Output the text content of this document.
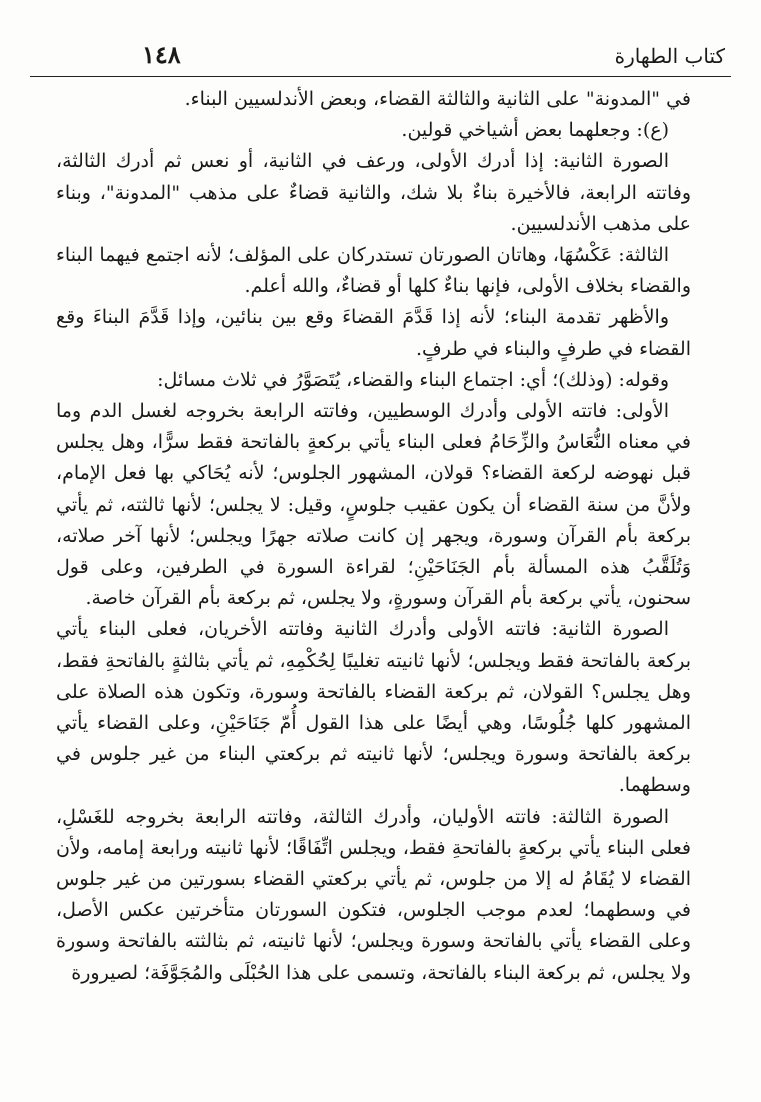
١٤٨	كتاب الطهارة

في "المدونة" على الثانية والثالثة القضاء، وبعض الأندلسيين البناء.

(ع): وجعلهما بعض أشياخي قولين.

الصورة الثانية: إذا أدرك الأولى، ورعف في الثانية، أو نعس ثم أدرك الثالثة، وفاتته الرابعة، فالأخيرة بناءٌ بلا شك، والثانية قضاءٌ على مذهب "المدونة"، وبناء على مذهب الأندلسيين.

الثالثة: عَكْسُهَا، وهاتان الصورتان تستدركان على المؤلف؛ لأنه اجتمع فيهما البناء والقضاء بخلاف الأولى، فإنها بناءٌ كلها أو قضاءٌ، والله أعلم.

والأظهر تقدمة البناء؛ لأنه إذا قَدَّمَ القضاءَ وقع بين بنائين، وإذا قَدَّمَ البناءَ وقع القضاء في طرفٍ والبناء في طرفٍ.

وقوله: (وذلك)؛ أي: اجتماع البناء والقضاء، يُتَصَوَّرُ في ثلاث مسائل:

الأولى: فاتته الأولى وأدرك الوسطيين، وفاتته الرابعة بخروجه لغسل الدم وما في معناه النُّعَاسُ والزِّحَامُ فعلى البناء يأتي بركعةٍ بالفاتحة فقط سرًّا، وهل يجلس قبل نهوضه لركعة القضاء؟ قولان، المشهور الجلوس؛ لأنه يُحَاكي بها فعل الإمام، ولأنَّ من سنة القضاء أن يكون عقيب جلوسٍ، وقيل: لا يجلس؛ لأنها ثالثته، ثم يأتي بركعة بأم القرآن وسورة، ويجهر إن كانت صلاته جهرًا ويجلس؛ لأنها آخر صلاته، وَتُلَقَّبُ هذه المسألة بأم الجَنَاحَيْنِ؛ لقراءة السورة في الطرفين، وعلى قول سحنون، يأتي بركعة بأم القرآن وسورةٍ، ولا يجلس، ثم بركعة بأم القرآن خاصة.

الصورة الثانية: فاتته الأولى وأدرك الثانية وفاتته الأخريان، فعلى البناء يأتي بركعة بالفاتحة فقط ويجلس؛ لأنها ثانيته تغليبًا لِحُكْمِهِ، ثم يأتي بثالثةٍ بالفاتحةِ فقط، وهل يجلس؟ القولان، ثم بركعة القضاء بالفاتحة وسورة، وتكون هذه الصلاة على المشهور كلها جُلُوسًا، وهي أيضًا على هذا القول أُمّ جَنَاحَيْنِ، وعلى القضاء يأتي بركعة بالفاتحة وسورة ويجلس؛ لأنها ثانيته ثم بركعتي البناء من غير جلوس في وسطهما.

الصورة الثالثة: فاتته الأوليان، وأدرك الثالثة، وفاتته الرابعة بخروجه للغَسْلِ، فعلى البناء يأتي بركعةٍ بالفاتحةِ فقط، ويجلس اتِّفَاقًا؛ لأنها ثانيته ورابعة إمامه، ولأن القضاء لا يُقَامُ له إلا من جلوس، ثم يأتي بركعتي القضاء بسورتين من غير جلوس في وسطهما؛ لعدم موجب الجلوس، فتكون السورتان متأخرتين عكس الأصل، وعلى القضاء يأتي بالفاتحة وسورة ويجلس؛ لأنها ثانيته، ثم بثالثته بالفاتحة وسورة ولا يجلس، ثم بركعة البناء بالفاتحة، وتسمى على هذا الحُبْلَى والمُجَوَّفَة؛ لصيرورة
